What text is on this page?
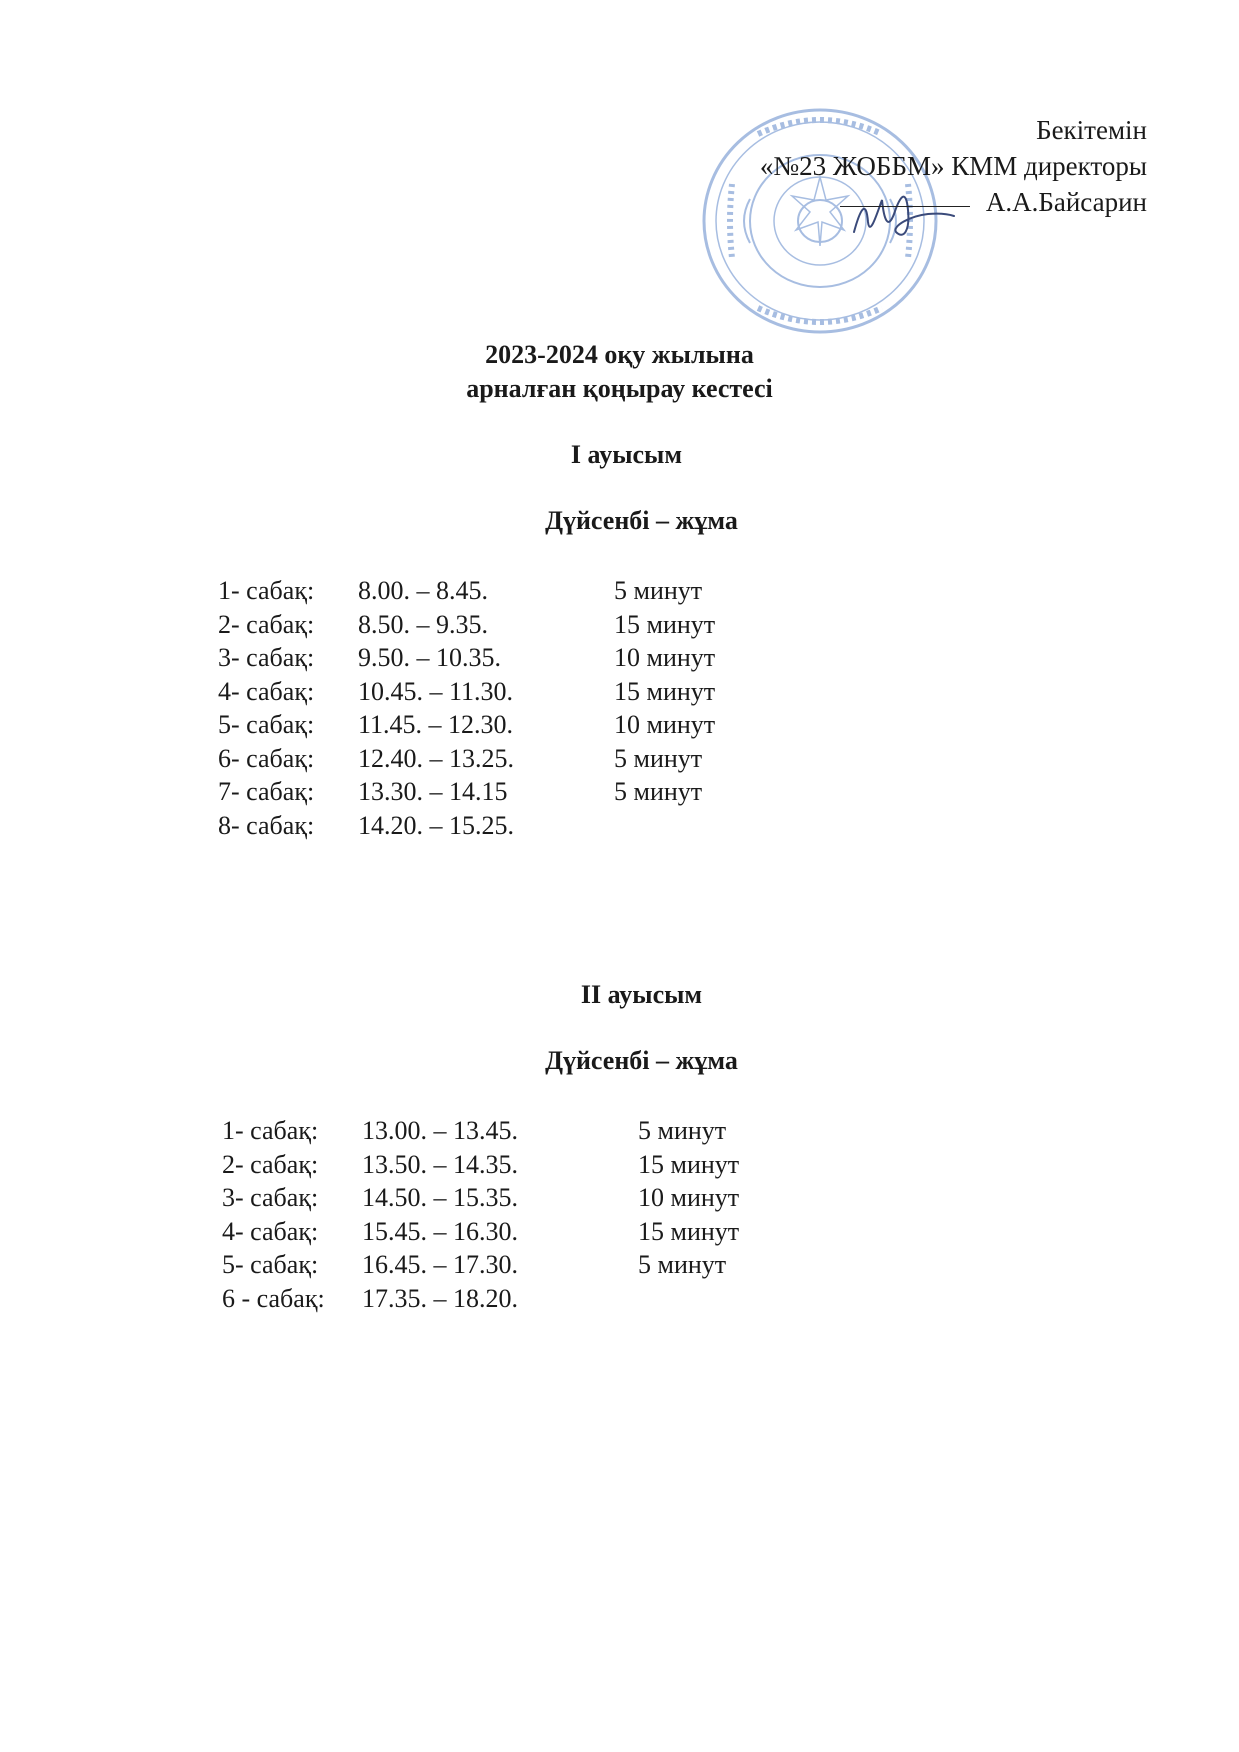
Бекітемін
«№23 ЖОББМ» КММ директоры
А.А.Байсарин
2023-2024 оқу жылына
арналған қоңырау кестесі
І ауысым
Дүйсенбі – жұма
1- сабақ: 8.00. – 8.45.	5 минут
2- сабақ: 8.50. – 9.35.	15 минут
3- сабақ: 9.50. – 10.35.	10 минут
4- сабақ: 10.45. – 11.30.	15 минут
5- сабақ: 11.45. – 12.30.	10 минут
6- сабақ: 12.40. – 13.25.	5 минут
7- сабақ: 13.30. – 14.15	5 минут
8- сабақ: 14.20. – 15.25.
ІІ ауысым
Дүйсенбі – жұма
1- сабақ: 13.00. – 13.45.	5 минут
2- сабақ: 13.50. – 14.35.	15 минут
3- сабақ: 14.50. – 15.35.	10 минут
4- сабақ: 15.45. – 16.30.	15 минут
5- сабақ: 16.45. – 17.30.	5 минут
6 - сабақ: 17.35. – 18.20.
